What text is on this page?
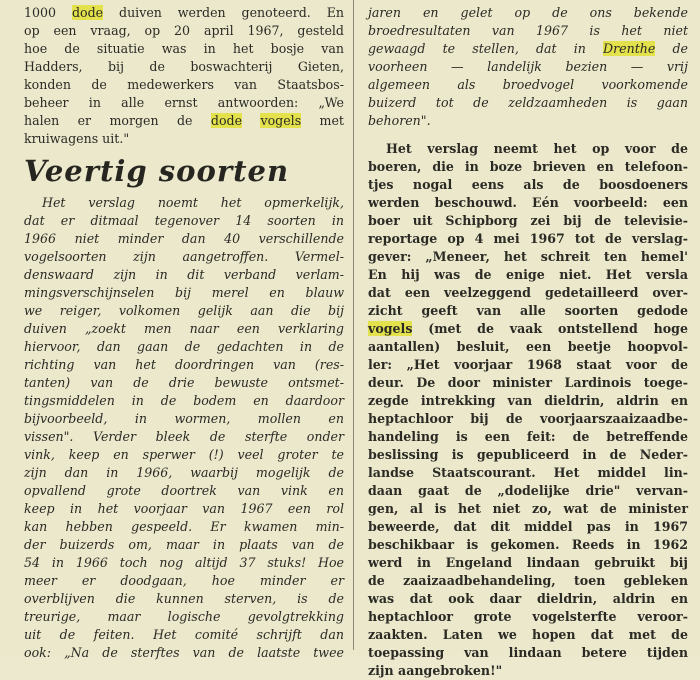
1000 dode duiven werden genoteerd. En
op een vraag, op 20 april 1967, gesteld
hoe de situatie was in het bosje van
Hadders, bij de boswachterij Gieten,
konden de medewerkers van Staatsbos-
beheer in alle ernst antwoorden: „We
halen er morgen de dode vogels met
kruiwagens uit."
Veertig soorten
Het verslag noemt het opmerkelijk,
dat er ditmaal tegenover 14 soorten in
1966 niet minder dan 40 verschillende
vogelsoorten zijn aangetroffen. Vermel-
denswaard zijn in dit verband verlam-
mingsverschijnselen bij merel en blauw
we reiger, volkomen gelijk aan die bij
duiven „zoekt men naar een verklaring
hiervoor, dan gaan de gedachten in de
richting van het doordringen van (res-
tanten) van de drie bewuste ontsmet-
tingsmiddelen in de bodem en daardoor
bijvoorbeeld, in wormen, mollen en
vissen". Verder bleek de sterfte onder
vink, keep en sperwer (!) veel groter te
zijn dan in 1966, waarbij mogelijk de
opvallend grote doortrek van vink en
keep in het voorjaar van 1967 een rol
kan hebben gespeeld. Er kwamen min-
der buizerds om, maar in plaats van de
54 in 1966 toch nog altijd 37 stuks! Hoe
meer er doodgaan, hoe minder er
overblijven die kunnen sterven, is de
treurige, maar logische gevolgtrekking
uit de feiten. Het comité schrijft dan
ook: „Na de sterftes van de laatste twee
jaren en gelet op de ons bekende
broedresultaten van 1967 is het niet
gewaagd te stellen, dat in Drenthe de
voorheen — landelijk bezien — vrij
algemeen als broedvogel voorkomende
buizerd tot de zeldzaamheden is gaan
behoren".
Het verslag neemt het op voor de
boeren, die in boze brieven en telefoon-
tjes nogal eens als de boosdoeners
werden beschouwd. Eén voorbeeld: een
boer uit Schipborg zei bij de televisie-
reportage op 4 mei 1967 tot de verslag-
gever: „Meneer, het schreit ten hemel'
En hij was de enige niet. Het versla
dat een veelzeggend gedetailleerd over-
zicht geeft van alle soorten gedode
vogels (met de vaak ontstellend hoge
aantallen) besluit, een beetje hoopvol-
ler: „Het voorjaar 1968 staat voor de
deur. De door minister Lardinois toege-
zegde intrekking van dieldrin, aldrin en
heptachloor bij de voorjaarszaaizaadbe-
handeling is een feit: de betreffende
beslissing is gepubliceerd in de Neder-
landse Staatscourant. Het middel lin-
daan gaat de „dodelijke drie" vervan-
gen, al is het niet zo, wat de minister
beweerde, dat dit middel pas in 1967
beschikbaar is gekomen. Reeds in 1962
werd in Engeland lindaan gebruikt bij
de zaaizaadbehandeling, toen gebleken
was dat ook daar dieldrin, aldrin en
heptachloor grote vogelsterfte veroor-
zaakten. Laten we hopen dat met de
toepassing van lindaan betere tijden
zijn aangebroken!"
